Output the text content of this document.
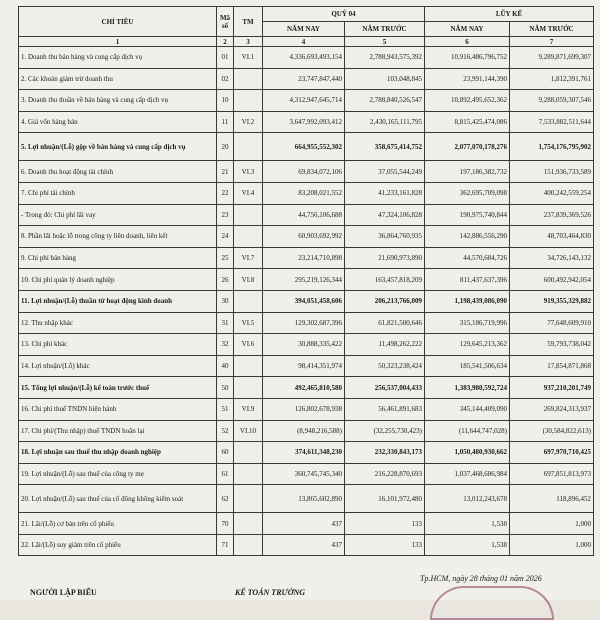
CHỈ TIÊU	Mã số	TM	QUÝ 04		LŨY KẾ	
			NĂM NAY	NĂM TRƯỚC	NĂM NAY	NĂM TRƯỚC
1	2	3	4	5	6	7
1. Doanh thu bán hàng và cung cấp dịch vụ	01	VI.1	4,336,693,493,154	2,788,943,575,392	10,916,486,796,752	9,289,871,699,307
2. Các khoản giảm trừ doanh thu	02		23,747,847,440	103,048,845	23,991,144,390	1,812,391,761
3. Doanh thu thuần về bán hàng và cung cấp dịch vụ	10		4,312,947,645,714	2,788,840,526,547	10,892,495,652,362	9,288,059,307,546
4. Giá vốn hàng bán	11	VI.2	3,647,992,093,412	2,430,165,111,795	8,815,425,474,086	7,533,882,511,644
5. Lợi nhuận/(Lỗ) gộp về bán hàng và cung cấp dịch vụ	20		664,955,552,302	358,675,414,752	2,077,070,178,276	1,754,176,795,902
6. Doanh thu hoạt động tài chính	21	VI.3	69,834,072,106	37,055,544,249	197,186,382,732	151,936,733,589
7. Chi phí tài chính	22	VI.4	83,208,021,552	41,233,161,828	362,695,709,098	400,242,559,254
- Trong đó: Chi phí lãi vay	23		44,756,106,688	47,324,106,828	190,975,740,844	237,839,369,526
8. Phần lãi hoặc lỗ trong công ty liên doanh, liên kết	24		60,903,692,992	36,864,760,935	142,886,556,290	48,703,464,830
9. Chi phí bán hàng	25	VI.7	23,214,710,898	21,690,973,890	44,570,684,726	34,726,143,132
10. Chi phí quản lý doanh nghiệp	26	VI.8	295,219,126,344	163,457,818,209	811,437,637,396	600,492,942,054
11. Lợi nhuận/(Lỗ) thuần từ hoạt động kinh doanh	30		394,051,458,606	206,213,766,009	1,198,439,086,090	919,355,329,882
12. Thu nhập khác	31	VI.5	129,302,687,396	61,821,500,646	315,186,719,996	77,648,609,910
13. Chi phí khác	32	VI.6	30,888,335,422	11,498,262,222	129,645,213,362	59,793,738,042
14. Lợi nhuận/(Lỗ) khác	40		98,414,351,974	50,323,238,424	185,541,506,634	17,854,871,868
15. Tổng lợi nhuận/(Lỗ) kế toán trước thuế	50		492,465,810,580	256,537,004,433	1,383,980,592,724	937,210,201,749
16. Chi phí thuế TNDN hiện hành	51	VI.9	126,802,678,938	56,461,891,683	345,144,409,090	269,824,313,937
17. Chi phí/(Thu nhập) thuế TNDN hoãn lại	52	VI.10	(8,948,216,588)	(32,255,730,423)	(11,644,747,028)	(30,584,822,613)
18. Lợi nhuận sau thuế thu nhập doanh nghiệp	60		374,611,348,230	232,330,843,173	1,050,480,930,662	697,970,710,425
19. Lợi nhuận/(Lỗ) sau thuế của công ty mẹ	61		360,745,745,340	216,228,870,693	1,037,468,686,984	697,851,813,973
20. Lợi nhuận/(Lỗ) sau thuế của cổ đông không kiểm soát	62		13,865,602,890	16,101,972,480	13,012,243,678	118,896,452
21. Lãi/(Lỗ) cơ bản trên cổ phiếu	70		437	133	1,538	1,000
22. Lãi/(Lỗ) suy giảm trên cổ phiếu	71		437	133	1,538	1,000
NGƯỜI LẬP BIỂU	KẾ TOÁN TRƯỞNG
Tp.HCM, ngày 28 tháng 01 năm 2026
